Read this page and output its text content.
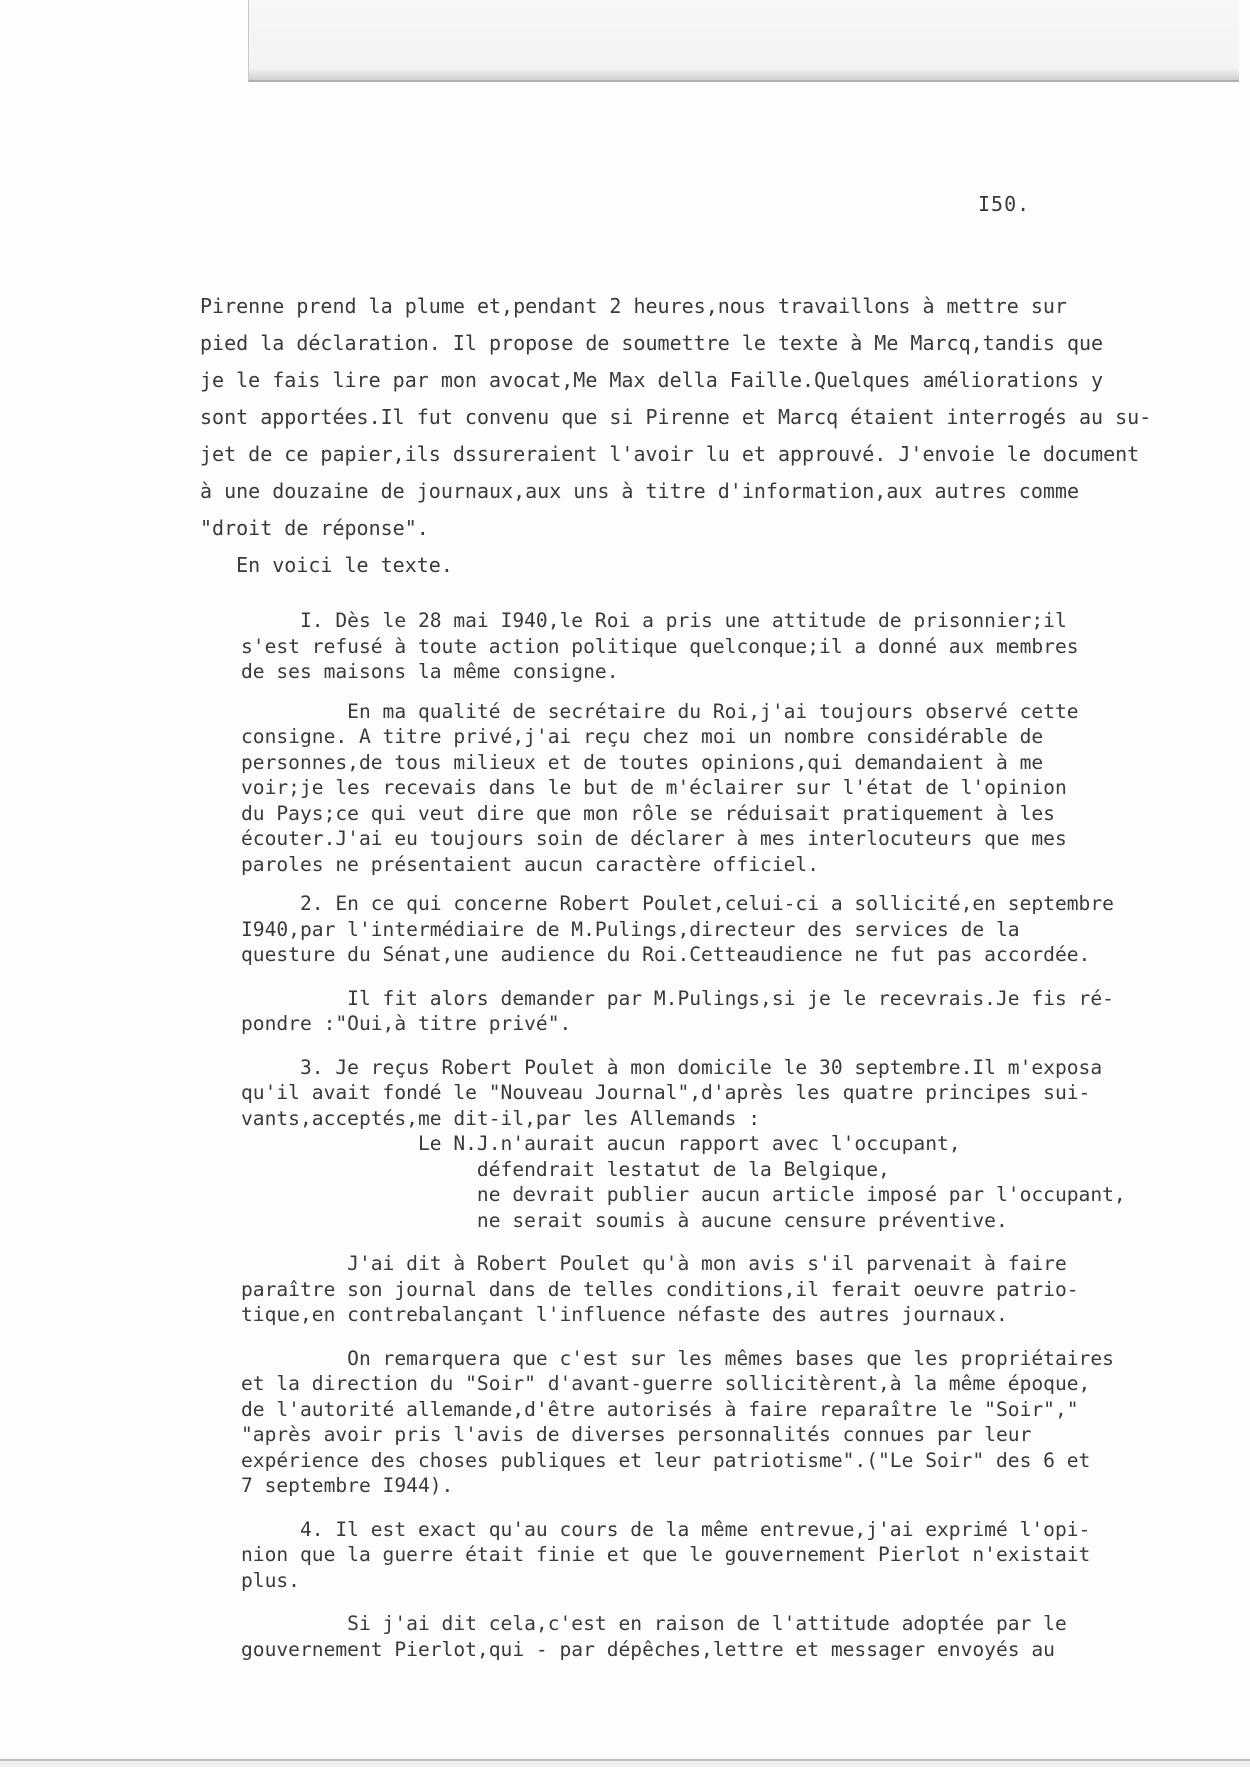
I50.

Pirenne prend la plume et,pendant 2 heures,nous travaillons à mettre sur

pied la déclaration. Il propose de soumettre le texte à Me Marcq,tandis que

je le fais lire par mon avocat,Me Max della Faille.Quelques améliorations y

sont apportées.Il fut convenu que si Pirenne et Marcq étaient interrogés au su-

jet de ce papier,ils dssureraient l'avoir lu et approuvé. J'envoie le document

à une douzaine de journaux,aux uns à titre d'information,aux autres comme

"droit de réponse".

En voici le texte.

I. Dès le 28 mai I940,le Roi a pris une attitude de prisonnier;il

s'est refusé à toute action politique quelconque;il a donné aux membres

de ses maisons la même consigne.

En ma qualité de secrétaire du Roi,j'ai toujours observé cette

consigne. A titre privé,j'ai reçu chez moi un nombre considérable de

personnes,de tous milieux et de toutes opinions,qui demandaient à me

voir;je les recevais dans le but de m'éclairer sur l'état de l'opinion

du Pays;ce qui veut dire que mon rôle se réduisait pratiquement à les

écouter.J'ai eu toujours soin de déclarer à mes interlocuteurs que mes

paroles ne présentaient aucun caractère officiel.

2. En ce qui concerne Robert Poulet,celui-ci a sollicité,en septembre

I940,par l'intermédiaire de M.Pulings,directeur des services de la

questure du Sénat,une audience du Roi.Cetteaudience ne fut pas accordée.

Il fit alors demander par M.Pulings,si je le recevrais.Je fis ré-

pondre :"Oui,à titre privé".

3. Je reçus Robert Poulet à mon domicile le 30 septembre.Il m'exposa

qu'il avait fondé le "Nouveau Journal",d'après les quatre principes sui-

vants,acceptés,me dit-il,par les Allemands :

Le N.J.n'aurait aucun rapport avec l'occupant,

défendrait lestatut de la Belgique,

ne devrait publier aucun article imposé par l'occupant,

ne serait soumis à aucune censure préventive.

J'ai dit à Robert Poulet qu'à mon avis s'il parvenait à faire

paraître son journal dans de telles conditions,il ferait oeuvre patrio-

tique,en contrebalançant l'influence néfaste des autres journaux.

On remarquera que c'est sur les mêmes bases que les propriétaires

et la direction du "Soir" d'avant-guerre sollicitèrent,à la même époque,

de l'autorité allemande,d'être autorisés à faire reparaître le "Soir","

"après avoir pris l'avis de diverses personnalités connues par leur

expérience des choses publiques et leur patriotisme".("Le Soir" des 6 et

7 septembre I944).

4. Il est exact qu'au cours de la même entrevue,j'ai exprimé l'opi-

nion que la guerre était finie et que le gouvernement Pierlot n'existait

plus.

Si j'ai dit cela,c'est en raison de l'attitude adoptée par le

gouvernement Pierlot,qui - par dépêches,lettre et messager envoyés au
